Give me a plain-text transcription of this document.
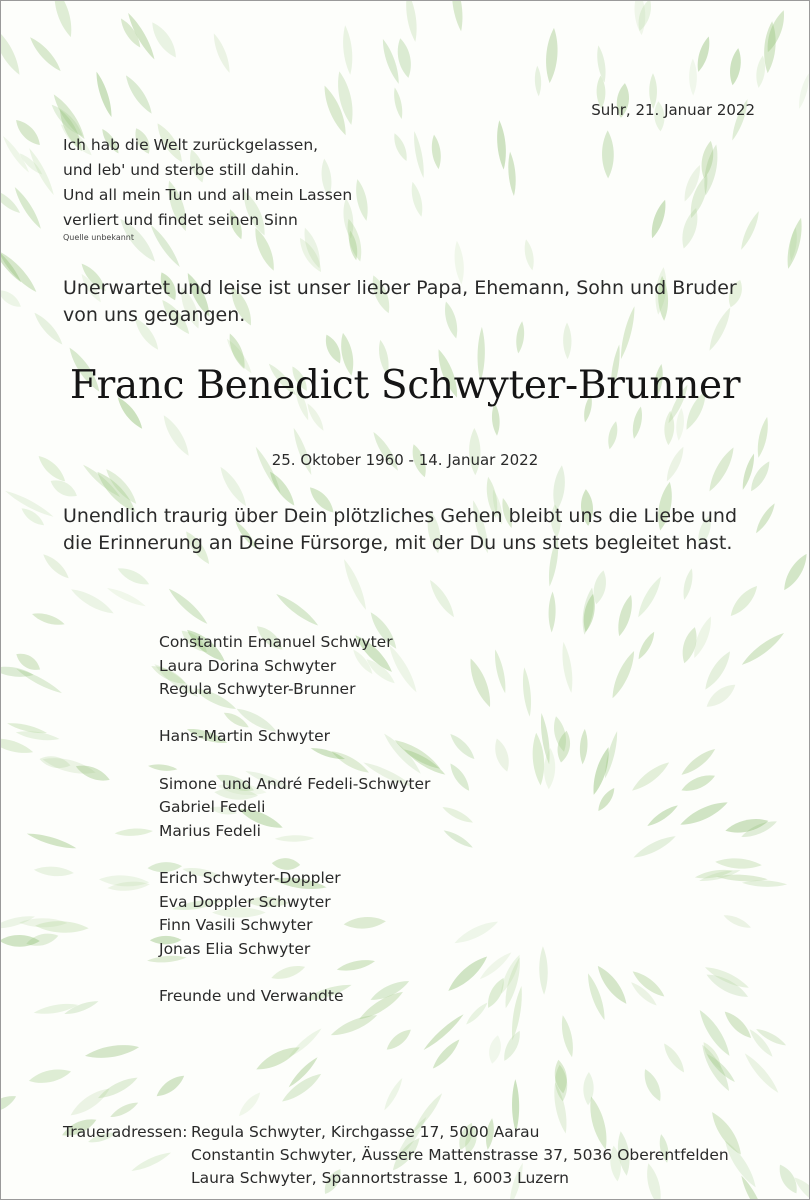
Suhr, 21. Januar 2022
Ich hab die Welt zurückgelassen,
und leb' und sterbe still dahin.
Und all mein Tun und all mein Lassen
verliert und findet seinen Sinn
Quelle unbekannt
Unerwartet und leise ist unser lieber Papa, Ehemann, Sohn und Bruder
von uns gegangen.
Franc Benedict Schwyter-Brunner
25. Oktober 1960 - 14. Januar 2022
Unendlich traurig über Dein plötzliches Gehen bleibt uns die Liebe und
die Erinnerung an Deine Fürsorge, mit der Du uns stets begleitet hast.
Constantin Emanuel Schwyter
Laura Dorina Schwyter
Regula Schwyter-Brunner
Hans-Martin Schwyter
Simone und André Fedeli-Schwyter
Gabriel Fedeli
Marius Fedeli
Erich Schwyter-Doppler
Eva Doppler Schwyter
Finn Vasili Schwyter
Jonas Elia Schwyter
Freunde und Verwandte
Traueradressen: Regula Schwyter, Kirchgasse 17, 5000 Aarau
Constantin Schwyter, Äussere Mattenstrasse 37, 5036 Oberentfelden
Laura Schwyter, Spannortstrasse 1, 6003 Luzern
